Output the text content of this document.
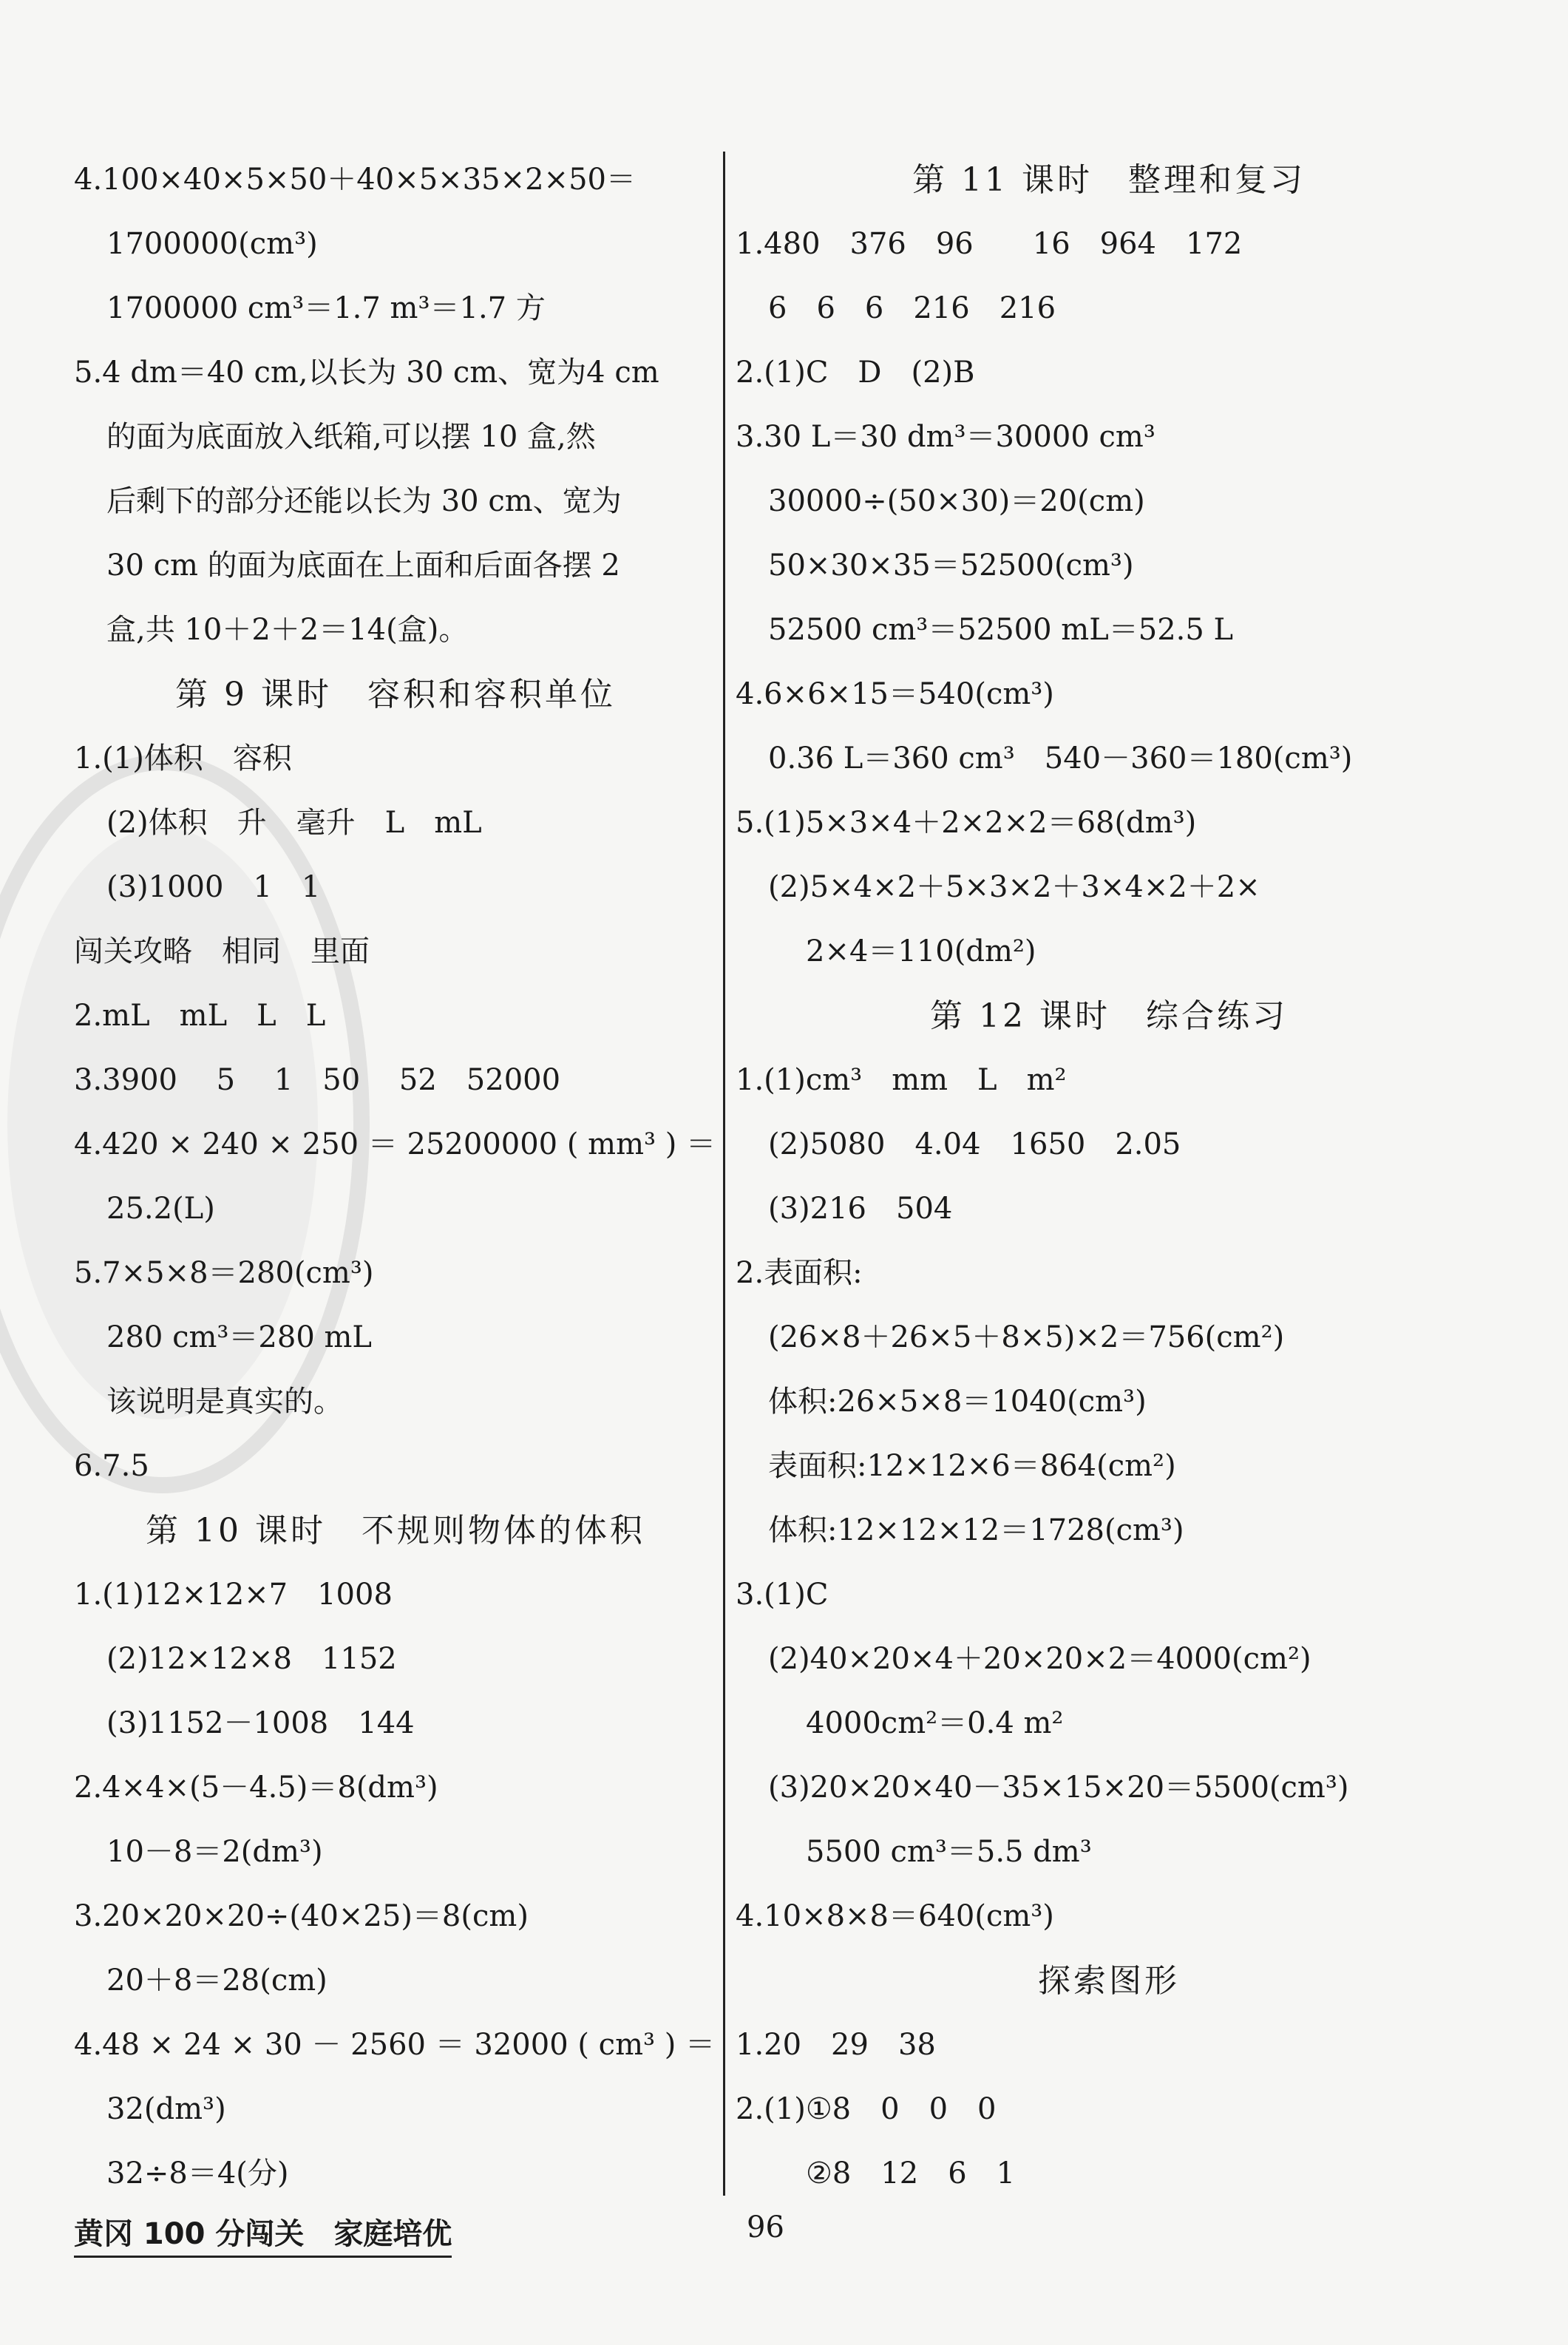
4.100×40×5×50＋40×5×35×2×50＝
1700000(cm³)
1700000 cm³＝1.7 m³＝1.7 方
5.4 dm＝40 cm,以长为 30 cm、宽为4 cm
的面为底面放入纸箱,可以摆 10 盒,然
后剩下的部分还能以长为 30 cm、宽为
30 cm 的面为底面在上面和后面各摆 2
盒,共 10＋2＋2＝14(盒)。
第 9 课时　容积和容积单位
1.(1)体积　容积
(2)体积　升　毫升　L　mL
(3)1000　1　1
闯关攻略　相同　里面
2.mL　mL　L　L
3.3900　 5　 1　50　 52　52000
4.420 × 240 × 250 ＝ 25200000 ( mm³ ) ＝
25.2(L)
5.7×5×8＝280(cm³)
280 cm³＝280 mL
该说明是真实的。
6.7.5
第 10 课时　不规则物体的体积
1.(1)12×12×7　1008
(2)12×12×8　1152
(3)1152－1008　144
2.4×4×(5－4.5)＝8(dm³)
10－8＝2(dm³)
3.20×20×20÷(40×25)＝8(cm)
20＋8＝28(cm)
4.48 × 24 × 30 － 2560 ＝ 32000 ( cm³ ) ＝
32(dm³)
32÷8＝4(分)
第 11 课时　整理和复习
1.480　376　96　　16　964　172
6　6　6　216　216
2.(1)C　D　(2)B
3.30 L＝30 dm³＝30000 cm³
30000÷(50×30)＝20(cm)
50×30×35＝52500(cm³)
52500 cm³＝52500 mL＝52.5 L
4.6×6×15＝540(cm³)
0.36 L＝360 cm³　540－360＝180(cm³)
5.(1)5×3×4＋2×2×2＝68(dm³)
(2)5×4×2＋5×3×2＋3×4×2＋2×
2×4＝110(dm²)
第 12 课时　综合练习
1.(1)cm³　mm　L　m²
(2)5080　4.04　1650　2.05
(3)216　504
2.表面积:
(26×8＋26×5＋8×5)×2＝756(cm²)
体积:26×5×8＝1040(cm³)
表面积:12×12×6＝864(cm²)
体积:12×12×12＝1728(cm³)
3.(1)C
(2)40×20×4＋20×20×2＝4000(cm²)
4000cm²＝0.4 m²
(3)20×20×40－35×15×20＝5500(cm³)
5500 cm³＝5.5 dm³
4.10×8×8＝640(cm³)
探索图形
1.20　29　38
2.(1)①8　0　0　0
②8　12　6　1
黄冈 100 分闯关　家庭培优	96
